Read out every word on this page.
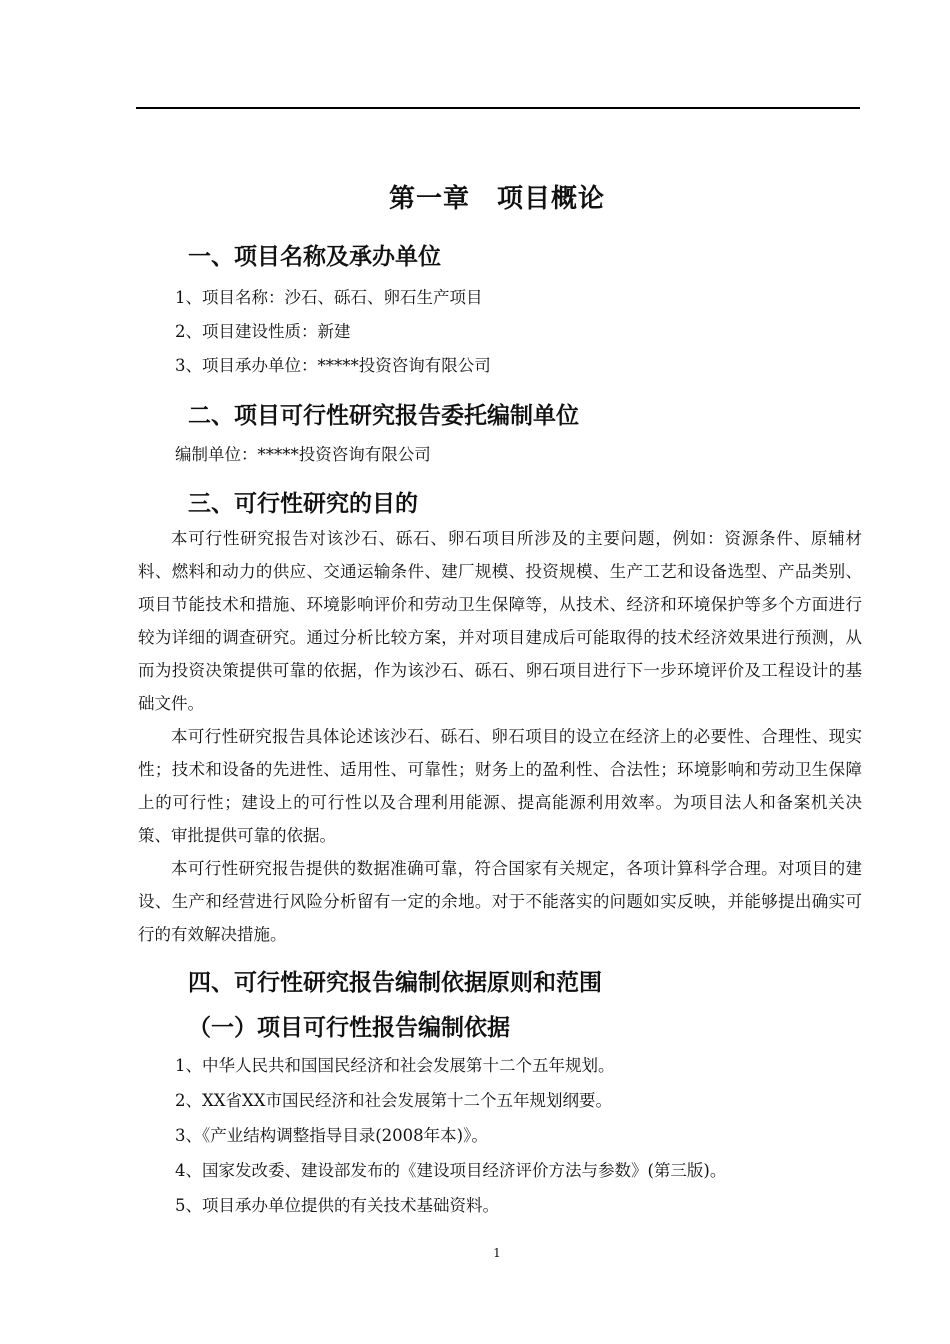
第一章　项目概论
一、项目名称及承办单位
1、项目名称：沙石、砾石、卵石生产项目
2、项目建设性质：新建
3、项目承办单位：*****投资咨询有限公司
二、项目可行性研究报告委托编制单位
编制单位：*****投资咨询有限公司
三、可行性研究的目的

本可行性研究报告对该沙石、砾石、卵石项目所涉及的主要问题，例如：资源条件、原辅材料、燃料和动力的供应、交通运输条件、建厂规模、投资规模、生产工艺和设备选型、产品类别、项目节能技术和措施、环境影响评价和劳动卫生保障等，从技术、经济和环境保护等多个方面进行较为详细的调查研究。通过分析比较方案，并对项目建成后可能取得的技术经济效果进行预测，从而为投资决策提供可靠的依据，作为该沙石、砾石、卵石项目进行下一步环境评价及工程设计的基础文件。

本可行性研究报告具体论述该沙石、砾石、卵石项目的设立在经济上的必要性、合理性、现实性；技术和设备的先进性、适用性、可靠性；财务上的盈利性、合法性；环境影响和劳动卫生保障上的可行性；建设上的可行性以及合理利用能源、提高能源利用效率。为项目法人和备案机关决策、审批提供可靠的依据。

本可行性研究报告提供的数据准确可靠，符合国家有关规定，各项计算科学合理。对项目的建设、生产和经营进行风险分析留有一定的余地。对于不能落实的问题如实反映，并能够提出确实可行的有效解决措施。

四、可行性研究报告编制依据原则和范围
（一）项目可行性报告编制依据
1、中华人民共和国国民经济和社会发展第十二个五年规划。
2、XX省XX市国民经济和社会发展第十二个五年规划纲要。
3、《产业结构调整指导目录(2008年本)》。
4、国家发改委、建设部发布的《建设项目经济评价方法与参数》(第三版)。
5、项目承办单位提供的有关技术基础资料。
1
